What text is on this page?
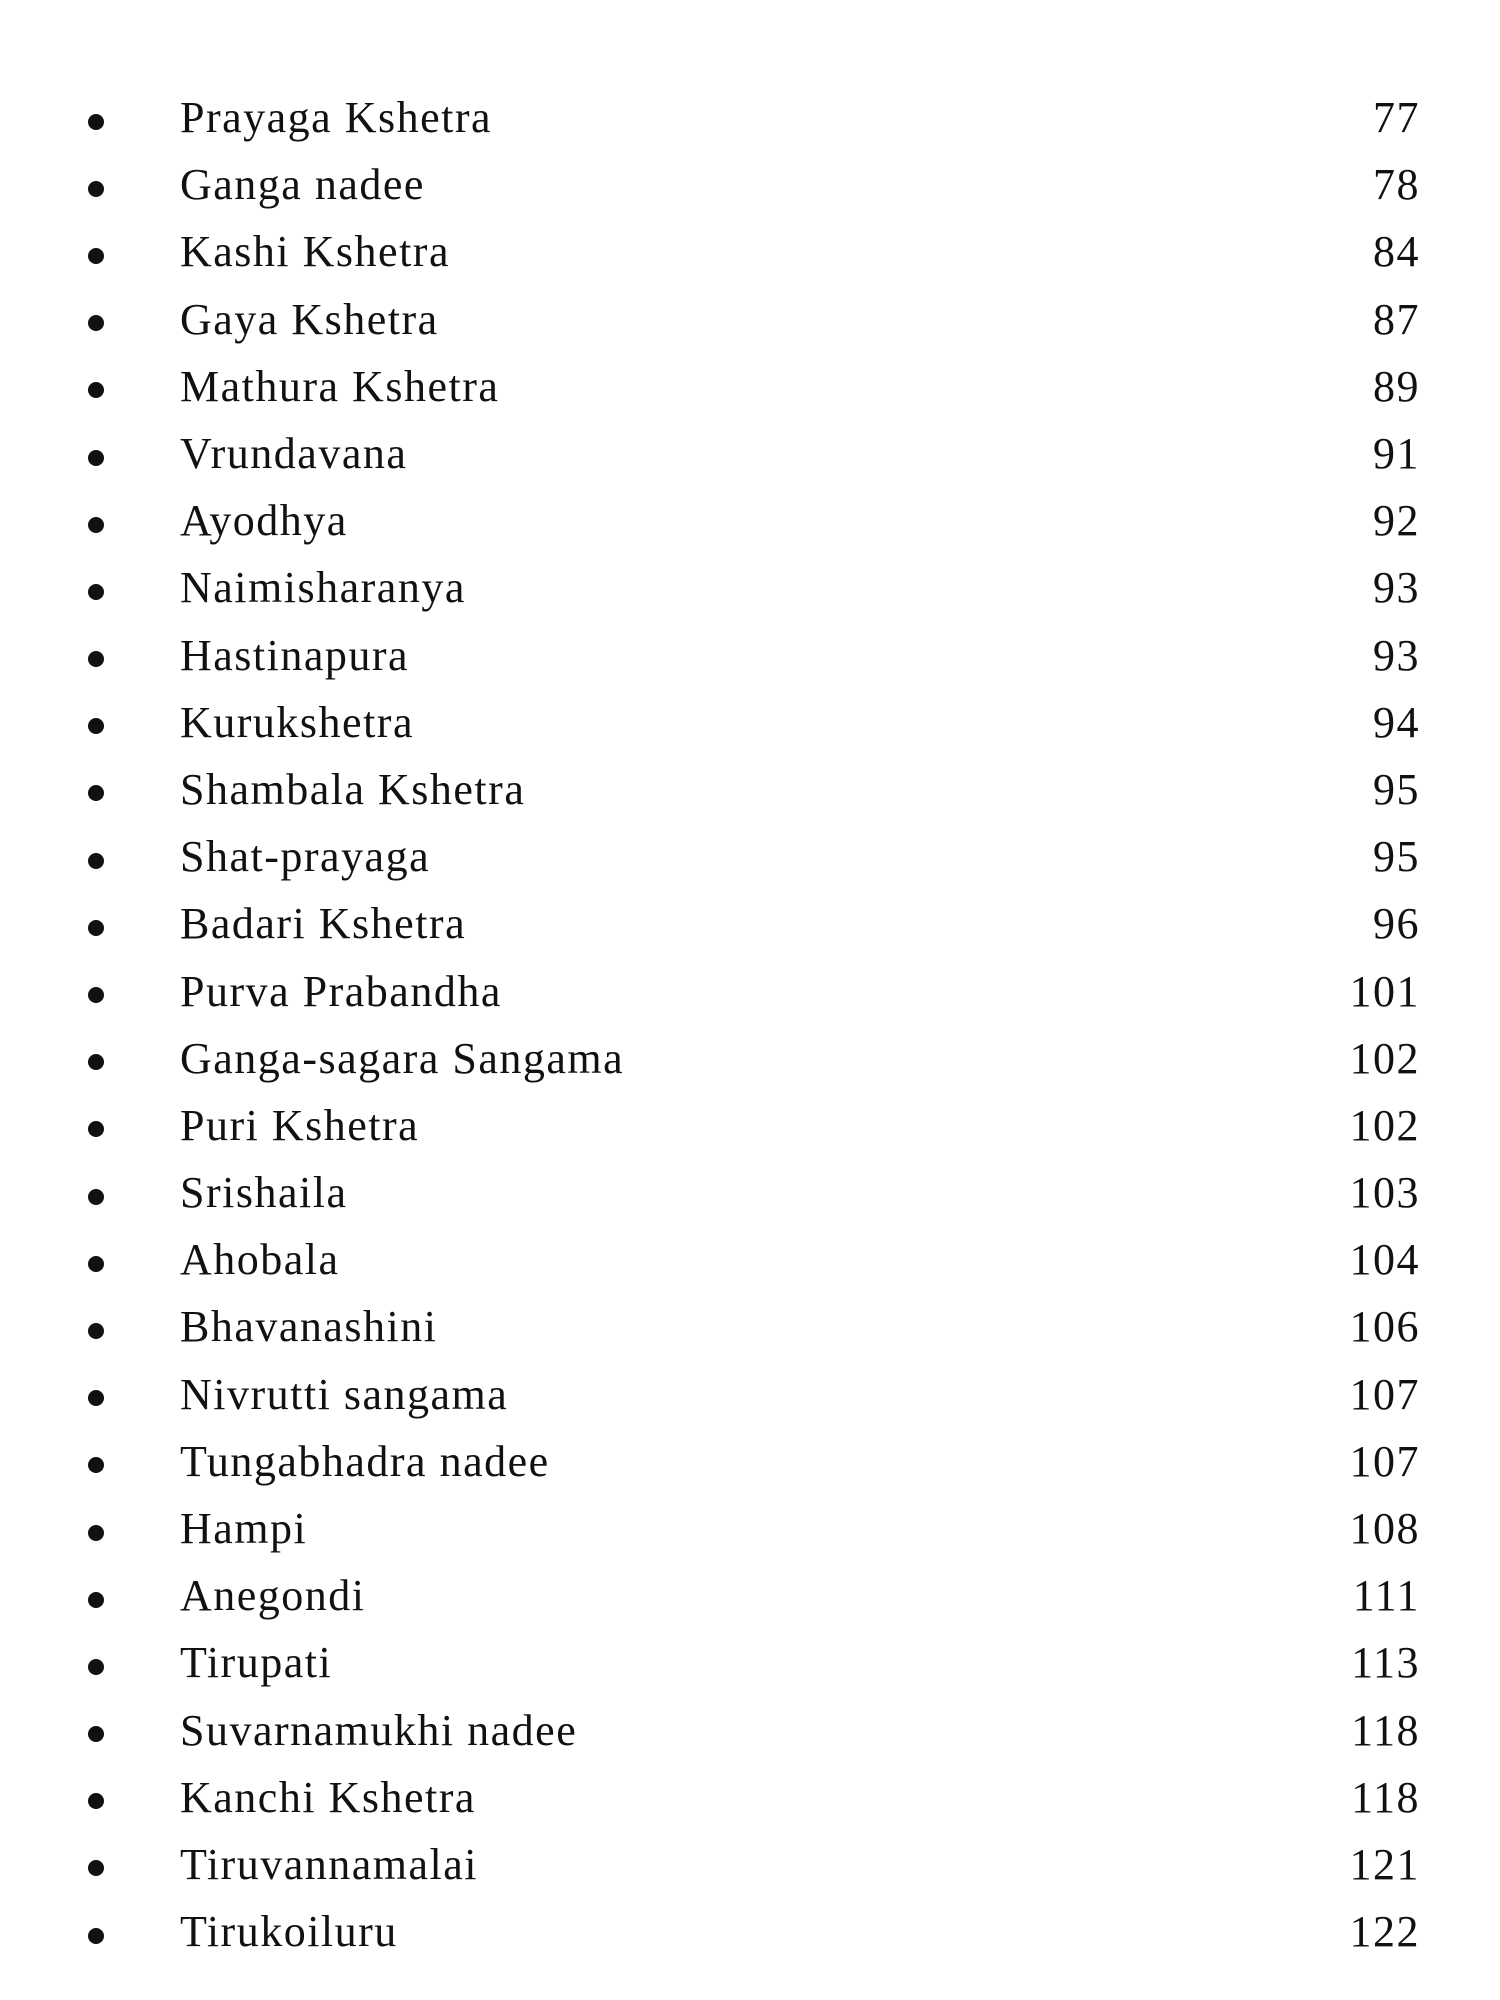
Prayaga Kshetra	77
Ganga nadee	78
Kashi Kshetra	84
Gaya Kshetra	87
Mathura Kshetra	89
Vrundavana	91
Ayodhya	92
Naimisharanya	93
Hastinapura	93
Kurukshetra	94
Shambala Kshetra	95
Shat-prayaga	95
Badari Kshetra	96
Purva Prabandha	101
Ganga-sagara Sangama	102
Puri Kshetra	102
Srishaila	103
Ahobala	104
Bhavanashini	106
Nivrutti sangama	107
Tungabhadra nadee	107
Hampi	108
Anegondi	111
Tirupati	113
Suvarnamukhi nadee	118
Kanchi Kshetra	118
Tiruvannamalai	121
Tirukoiluru	122
